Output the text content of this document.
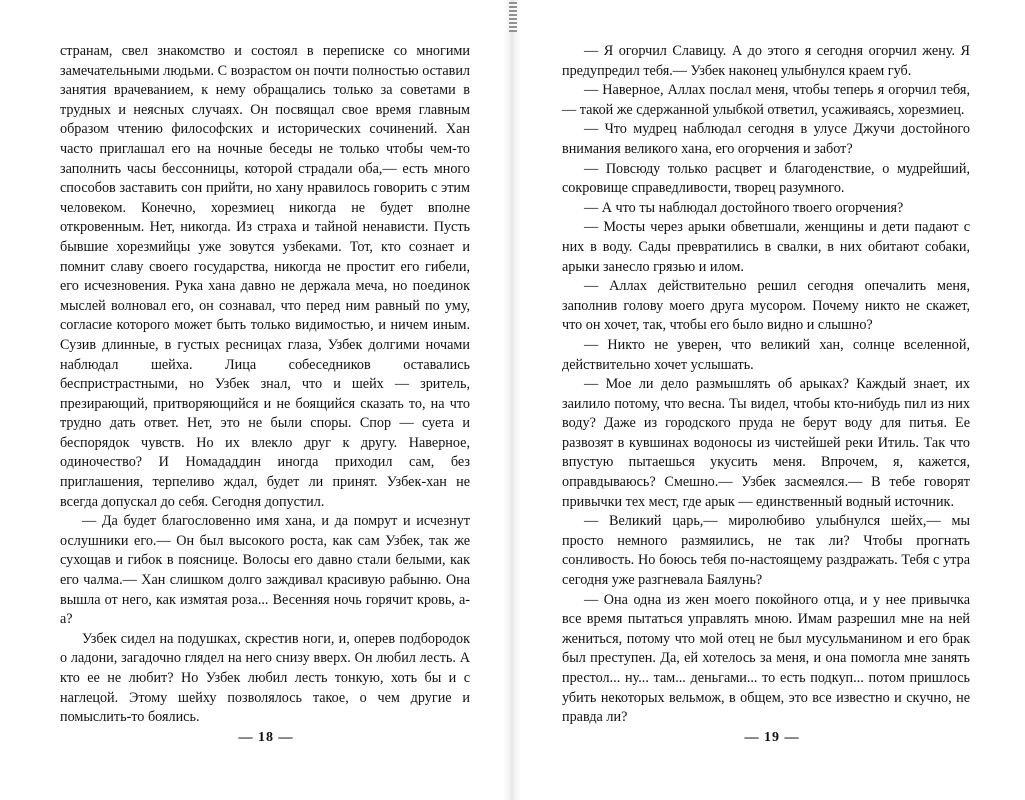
странам, свел знакомство и состоял в переписке со многими замечательными людьми. С возрастом он почти полностью оставил занятия врачеванием, к нему обращались только за советами в трудных и неясных случаях. Он посвящал свое время главным образом чтению философских и исторических сочинений. Хан часто приглашал его на ночные беседы не только чтобы чем-то заполнить часы бессонницы, которой страдали оба,— есть много способов заставить сон прийти, но хану нравилось говорить с этим человеком. Конечно, хорезмиец никогда не будет вполне откровенным. Нет, никогда. Из страха и тайной ненависти. Пусть бывшие хорезмийцы уже зовутся узбеками. Тот, кто сознает и помнит славу своего государства, никогда не простит его гибели, его исчезновения. Рука хана давно не держала меча, но поединок мыслей волновал его, он сознавал, что перед ним равный по уму, согласие которого может быть только видимостью, и ничем иным. Сузив длинные, в густых ресницах глаза, Узбек долгими ночами наблюдал шейха. Лица собеседников оставались беспристрастными, но Узбек знал, что и шейх — зритель, презирающий, притворяющийся и не боящийся сказать то, на что трудно дать ответ. Нет, это не были споры. Спор — суета и беспорядок чувств. Но их влекло друг к другу. Наверное, одиночество? И Номададдин иногда приходил сам, без приглашения, терпеливо ждал, будет ли принят. Узбек-хан не всегда допускал до себя. Сегодня допустил.

— Да будет благословенно имя хана, и да помрут и исчезнут ослушники его.— Он был высокого роста, как сам Узбек, так же сухощав и гибок в пояснице. Волосы его давно стали белыми, как его чалма.— Хан слишком долго заждивал красивую рабыню. Она вышла от него, как измятая роза... Весенняя ночь горячит кровь, а-а?

Узбек сидел на подушках, скрестив ноги, и, оперев подбородок о ладони, загадочно глядел на него снизу вверх. Он любил лесть. А кто ее не любит? Но Узбек любил лесть тонкую, хоть бы и с наглецой. Этому шейху позволялось такое, о чем другие и помыслить-то боялись.

— 18 —

— Я огорчил Славицу. А до этого я сегодня огорчил жену. Я предупредил тебя.— Узбек наконец улыбнулся краем губ.

— Наверное, Аллах послал меня, чтобы теперь я огорчил тебя,— такой же сдержанной улыбкой ответил, усаживаясь, хорезмиец.

— Что мудрец наблюдал сегодня в улусе Джучи достойного внимания великого хана, его огорчения и забот?

— Повсюду только расцвет и благоденствие, о мудрейший, сокровище справедливости, творец разумного.

— А что ты наблюдал достойного твоего огорчения?

— Мосты через арыки обветшали, женщины и дети падают с них в воду. Сады превратились в свалки, в них обитают собаки, арыки занесло грязью и илом.

— Аллах действительно решил сегодня опечалить меня, заполнив голову моего друга мусором. Почему никто не скажет, что он хочет, так, чтобы его было видно и слышно?

— Никто не уверен, что великий хан, солнце вселенной, действительно хочет услышать.

— Мое ли дело размышлять об арыках? Каждый знает, их заилило потому, что весна. Ты видел, чтобы кто-нибудь пил из них воду? Даже из городского пруда не берут воду для питья. Ее развозят в кувшинах водоносы из чистейшей реки Итиль. Так что впустую пытаешься укусить меня. Впрочем, я, кажется, оправдываюсь? Смешно.— Узбек засмеялся.— В тебе говорят привычки тех мест, где арык — единственный водный источник.

— Великий царь,— миролюбиво улыбнулся шейх,— мы просто немного размяились, не так ли? Чтобы прогнать сонливость. Но боюсь тебя по-настоящему раздражать. Тебя с утра сегодня уже разгневала Баялунь?

— Она одна из жен моего покойного отца, и у нее привычка все время пытаться управлять мною. Имам разрешил мне на ней жениться, потому что мой отец не был мусульманином и его брак был преступен. Да, ей хотелось за меня, и она помогла мне занять престол... ну... там... деньгами... то есть подкуп... потом пришлось убить некоторых вельмож, в общем, это все известно и скучно, не правда ли?

— 19 —
